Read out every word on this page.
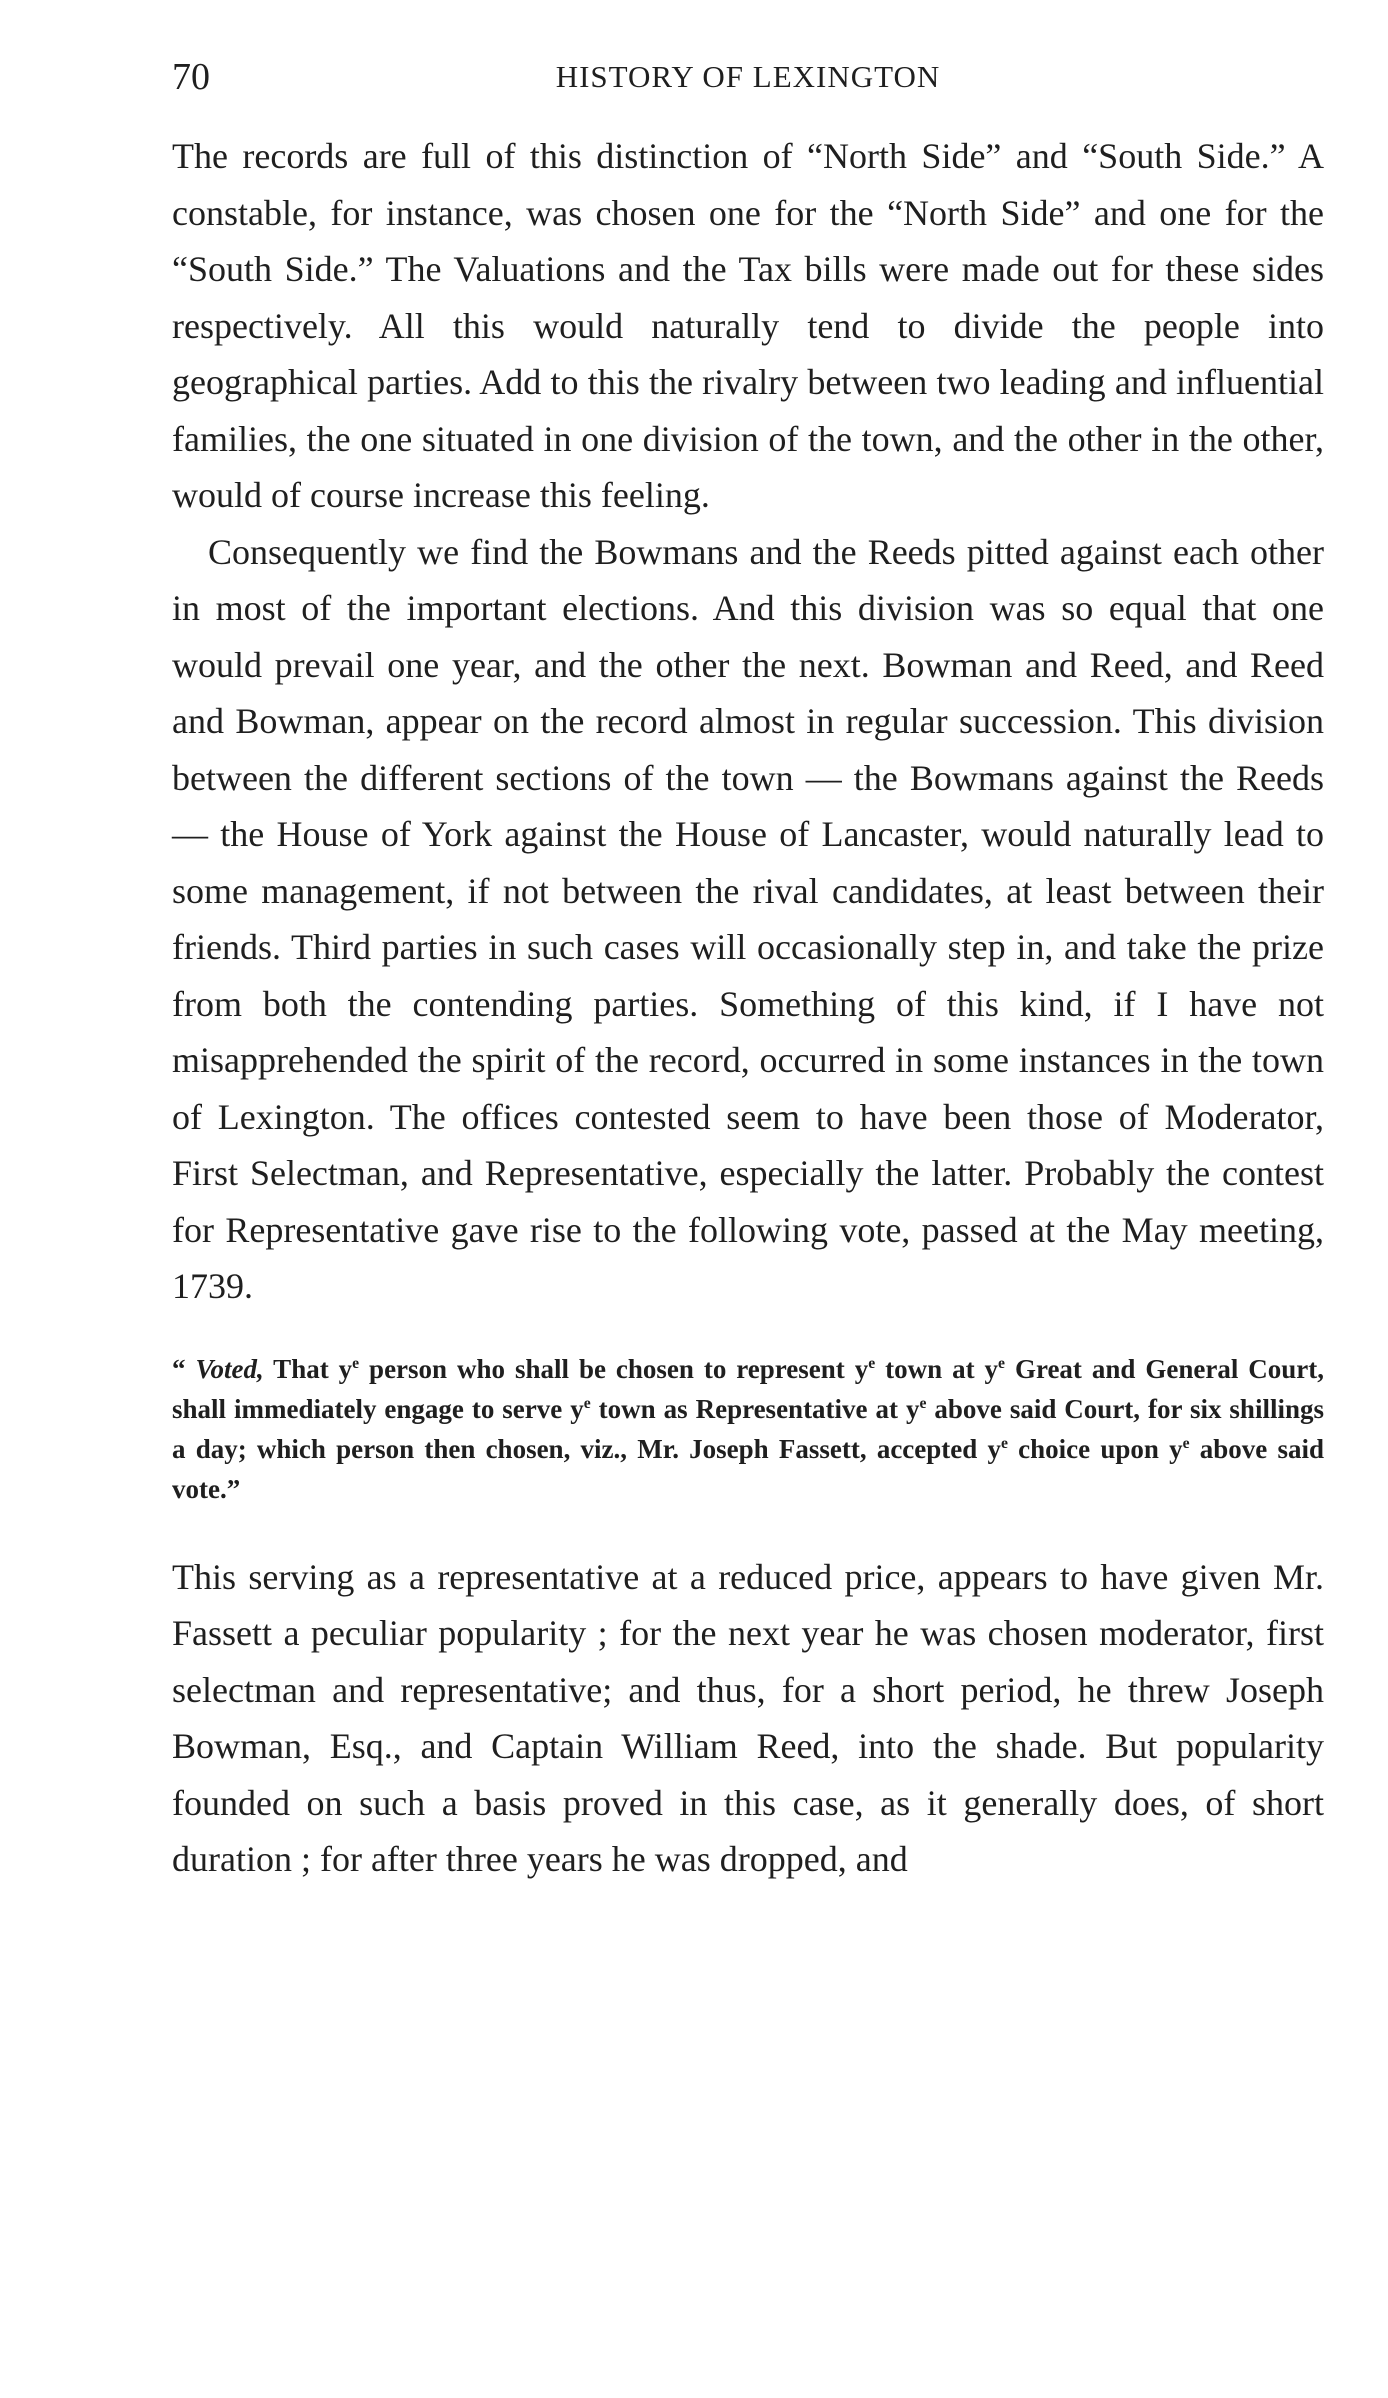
70	HISTORY OF LEXINGTON

The records are full of this distinction of “North Side” and “South Side.” A constable, for instance, was chosen one for the “North Side” and one for the “South Side.” The Valuations and the Tax bills were made out for these sides respectively. All this would naturally tend to divide the people into geographical parties. Add to this the rivalry between two leading and influential families, the one situated in one division of the town, and the other in the other, would of course increase this feeling.

Consequently we find the Bowmans and the Reeds pitted against each other in most of the important elections. And this division was so equal that one would prevail one year, and the other the next. Bowman and Reed, and Reed and Bowman, appear on the record almost in regular succession. This division between the different sections of the town — the Bowmans against the Reeds — the House of York against the House of Lancaster, would naturally lead to some management, if not between the rival candidates, at least between their friends. Third parties in such cases will occasionally step in, and take the prize from both the contending parties. Something of this kind, if I have not misapprehended the spirit of the record, occurred in some instances in the town of Lexington. The offices contested seem to have been those of Moderator, First Selectman, and Representative, especially the latter. Probably the contest for Representative gave rise to the following vote, passed at the May meeting, 1739.

“ Voted, That $y^e$ person who shall be chosen to represent $y^e$ town at $y^e$ Great and General Court, shall immediately engage to serve $y^e$ town as Representative at $y^e$ above said Court, for six shillings a day; which person then chosen, viz., Mr. Joseph Fassett, accepted $y^e$ choice upon $y^e$ above said vote.”

This serving as a representative at a reduced price, appears to have given Mr. Fassett a peculiar popularity ; for the next year he was chosen moderator, first selectman and representative; and thus, for a short period, he threw Joseph Bowman, Esq., and Captain William Reed, into the shade. But popularity founded on such a basis proved in this case, as it generally does, of short duration ; for after three years he was dropped, and
